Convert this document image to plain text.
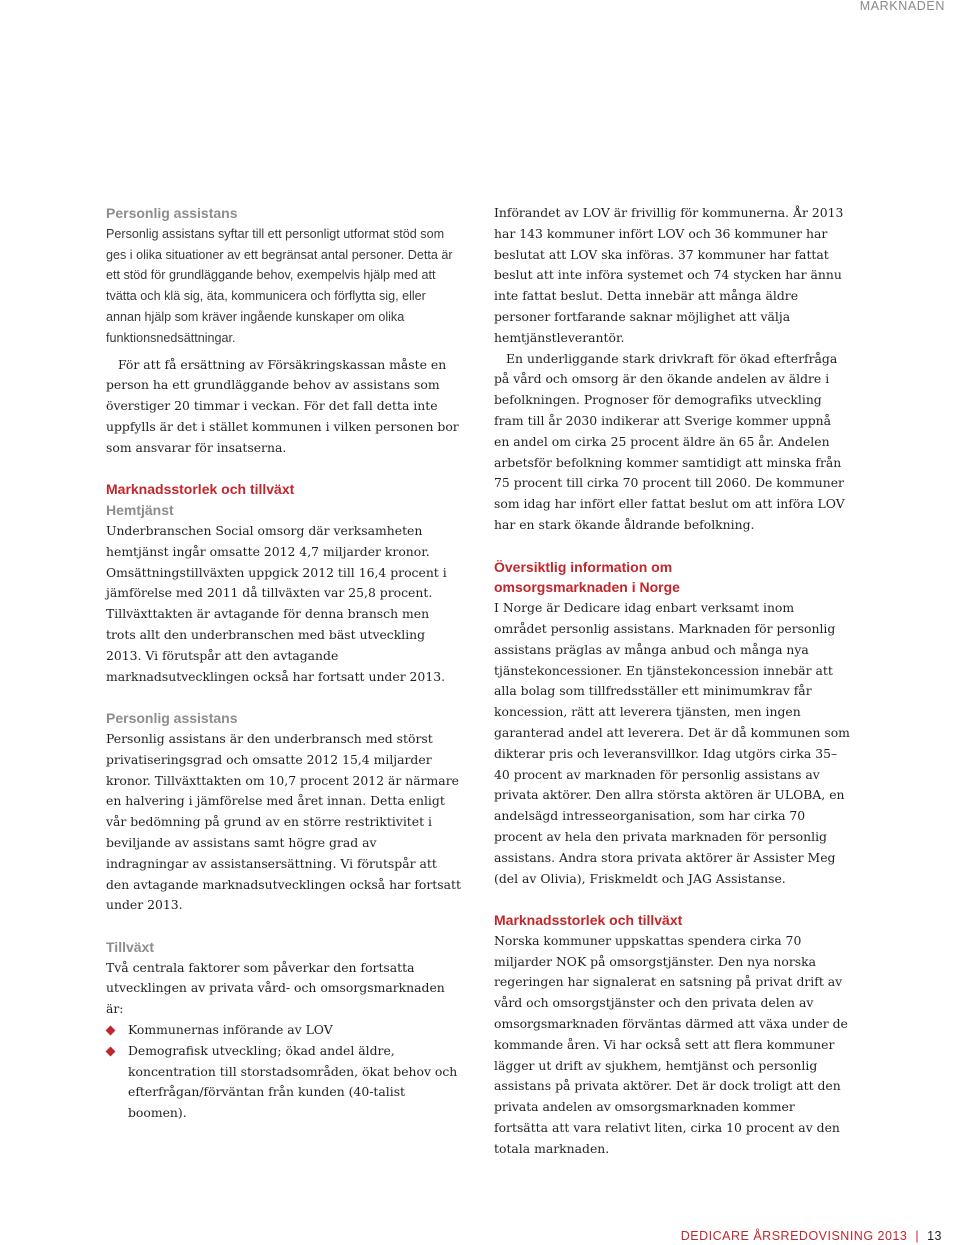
MARKNADEN
Personlig assistans

Personlig assistans syftar till ett personligt utformat stöd som ges i olika situationer av ett begränsat antal personer. Detta är ett stöd för grundläggande behov, exempelvis hjälp med att tvätta och klä sig, äta, kommunicera och förflytta sig, eller annan hjälp som kräver ingående kunskaper om olika funktionsnedsättningar.

För att få ersättning av Försäkringskassan måste en person ha ett grundläggande behov av assistans som överstiger 20 timmar i veckan. För det fall detta inte uppfylls är det i stället kommunen i vilken personen bor som ansvarar för insatserna.

Marknadsstorlek och tillväxt
Hemtjänst

Underbranschen Social omsorg där verksamheten hemtjänst ingår omsatte 2012 4,7 miljarder kronor. Omsättningstillväxten uppgick 2012 till 16,4 procent i jämförelse med 2011 då tillväxten var 25,8 procent. Tillväxttakten är avtagande för denna bransch men trots allt den underbranschen med bäst utveckling 2013. Vi förutspår att den avtagande marknadsutvecklingen också har fortsatt under 2013.

Personlig assistans

Personlig assistans är den underbransch med störst privatiseringsgrad och omsatte 2012 15,4 miljarder kronor. Tillväxttakten om 10,7 procent 2012 är närmare en halvering i jämförelse med året innan. Detta enligt vår bedömning på grund av en större restriktivitet i beviljande av assistans samt högre grad av indragningar av assistansersättning. Vi förutspår att den avtagande marknadsutvecklingen också har fortsatt under 2013.

Tillväxt

Två centrala faktorer som påverkar den fortsatta utvecklingen av privata vård- och omsorgsmarknaden är:

Kommunernas införande av LOV
Demografisk utveckling; ökad andel äldre, koncentration till storstadsområden, ökat behov och efterfrågan/förväntan från kunden (40-talist boomen).

Införandet av LOV är frivillig för kommunerna. År 2013 har 143 kommuner infört LOV och 36 kommuner har beslutat att LOV ska införas. 37 kommuner har fattat beslut att inte införa systemet och 74 stycken har ännu inte fattat beslut. Detta innebär att många äldre personer fortfarande saknar möjlighet att välja hemtjänstleverantör.

En underliggande stark drivkraft för ökad efterfråga på vård och omsorg är den ökande andelen av äldre i befolkningen. Prognoser för demografiks utveckling fram till år 2030 indikerar att Sverige kommer uppnå en andel om cirka 25 procent äldre än 65 år. Andelen arbetsför befolkning kommer samtidigt att minska från 75 procent till cirka 70 procent till 2060. De kommuner som idag har infört eller fattat beslut om att införa LOV har en stark ökande åldrande befolkning.

Översiktlig information om omsorgsmarknaden i Norge

I Norge är Dedicare idag enbart verksamt inom området personlig assistans. Marknaden för personlig assistans präglas av många anbud och många nya tjänstekoncessioner. En tjänstekoncession innebär att alla bolag som tillfredsställer ett minimumkrav får koncession, rätt att leverera tjänsten, men ingen garanterad andel att leverera. Det är då kommunen som dikterar pris och leveransvillkor. Idag utgörs cirka 35–40 procent av marknaden för personlig assistans av privata aktörer. Den allra största aktören är ULOBA, en andelsägd intresseorganisation, som har cirka 70 procent av hela den privata marknaden för personlig assistans. Andra stora privata aktörer är Assister Meg (del av Olivia), Friskmeldt och JAG Assistanse.

Marknadsstorlek och tillväxt

Norska kommuner uppskattas spendera cirka 70 miljarder NOK på omsorgstjänster. Den nya norska regeringen har signalerat en satsning på privat drift av vård och omsorgstjänster och den privata delen av omsorgsmarknaden förväntas därmed att växa under de kommande åren. Vi har också sett att flera kommuner lägger ut drift av sjukhem, hemtjänst och personlig assistans på privata aktörer. Det är dock troligt att den privata andelen av omsorgsmarknaden kommer fortsätta att vara relativt liten, cirka 10 procent av den totala marknaden.

DEDICARE ÅRSREDOVISNING 2013 | 13
